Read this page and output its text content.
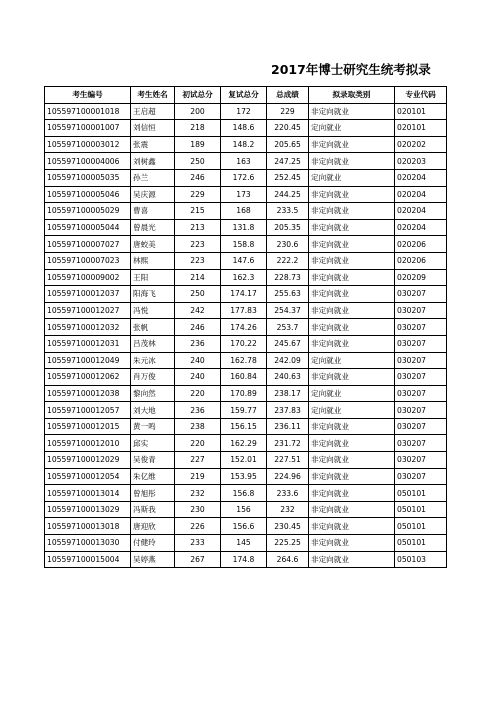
2017年博士研究生统考拟录
考生编号	考生姓名	初试总分	复试总分	总成绩	拟录取类别	专业代码
105597100001018	王启超	200	172	229	非定向就业	020101
105597100001007	刘信恒	218	148.6	220.45	定向就业	020101
105597100003012	张震	189	148.2	205.65	非定向就业	020202
105597100004006	刘树鑫	250	163	247.25	非定向就业	020203
105597100005035	孙兰	246	172.6	252.45	定向就业	020204
105597100005046	吴庆源	229	173	244.25	非定向就业	020204
105597100005029	曹喜	215	168	233.5	非定向就业	020204
105597100005044	曾晨光	213	131.8	205.35	非定向就业	020204
105597100007027	唐蛟美	223	158.8	230.6	非定向就业	020206
105597100007023	林熙	223	147.6	222.2	非定向就业	020206
105597100009002	王阳	214	162.3	228.73	非定向就业	020209
105597100012037	阳海飞	250	174.17	255.63	非定向就业	030207
105597100012027	冯悦	242	177.83	254.37	非定向就业	030207
105597100012032	张帆	246	174.26	253.7	非定向就业	030207
105597100012031	吕茂林	236	170.22	245.67	非定向就业	030207
105597100012049	朱元冰	240	162.78	242.09	定向就业	030207
105597100012062	肖万俊	240	160.84	240.63	非定向就业	030207
105597100012038	黎向然	220	170.89	238.17	定向就业	030207
105597100012057	刘大地	236	159.77	237.83	定向就业	030207
105597100012015	黄一鸣	238	156.15	236.11	非定向就业	030207
105597100012010	邱实	220	162.29	231.72	非定向就业	030207
105597100012029	吴俊青	227	152.01	227.51	非定向就业	030207
105597100012054	朱亿维	219	153.95	224.96	非定向就业	030207
105597100013014	曾旭彤	232	156.8	233.6	非定向就业	050101
105597100013029	冯斯我	230	156	232	非定向就业	050101
105597100013018	唐迎欣	226	156.6	230.45	非定向就业	050101
105597100013030	付健玲	233	145	225.25	非定向就业	050101
105597100015004	吴婷燕	267	174.8	264.6	非定向就业	050103
